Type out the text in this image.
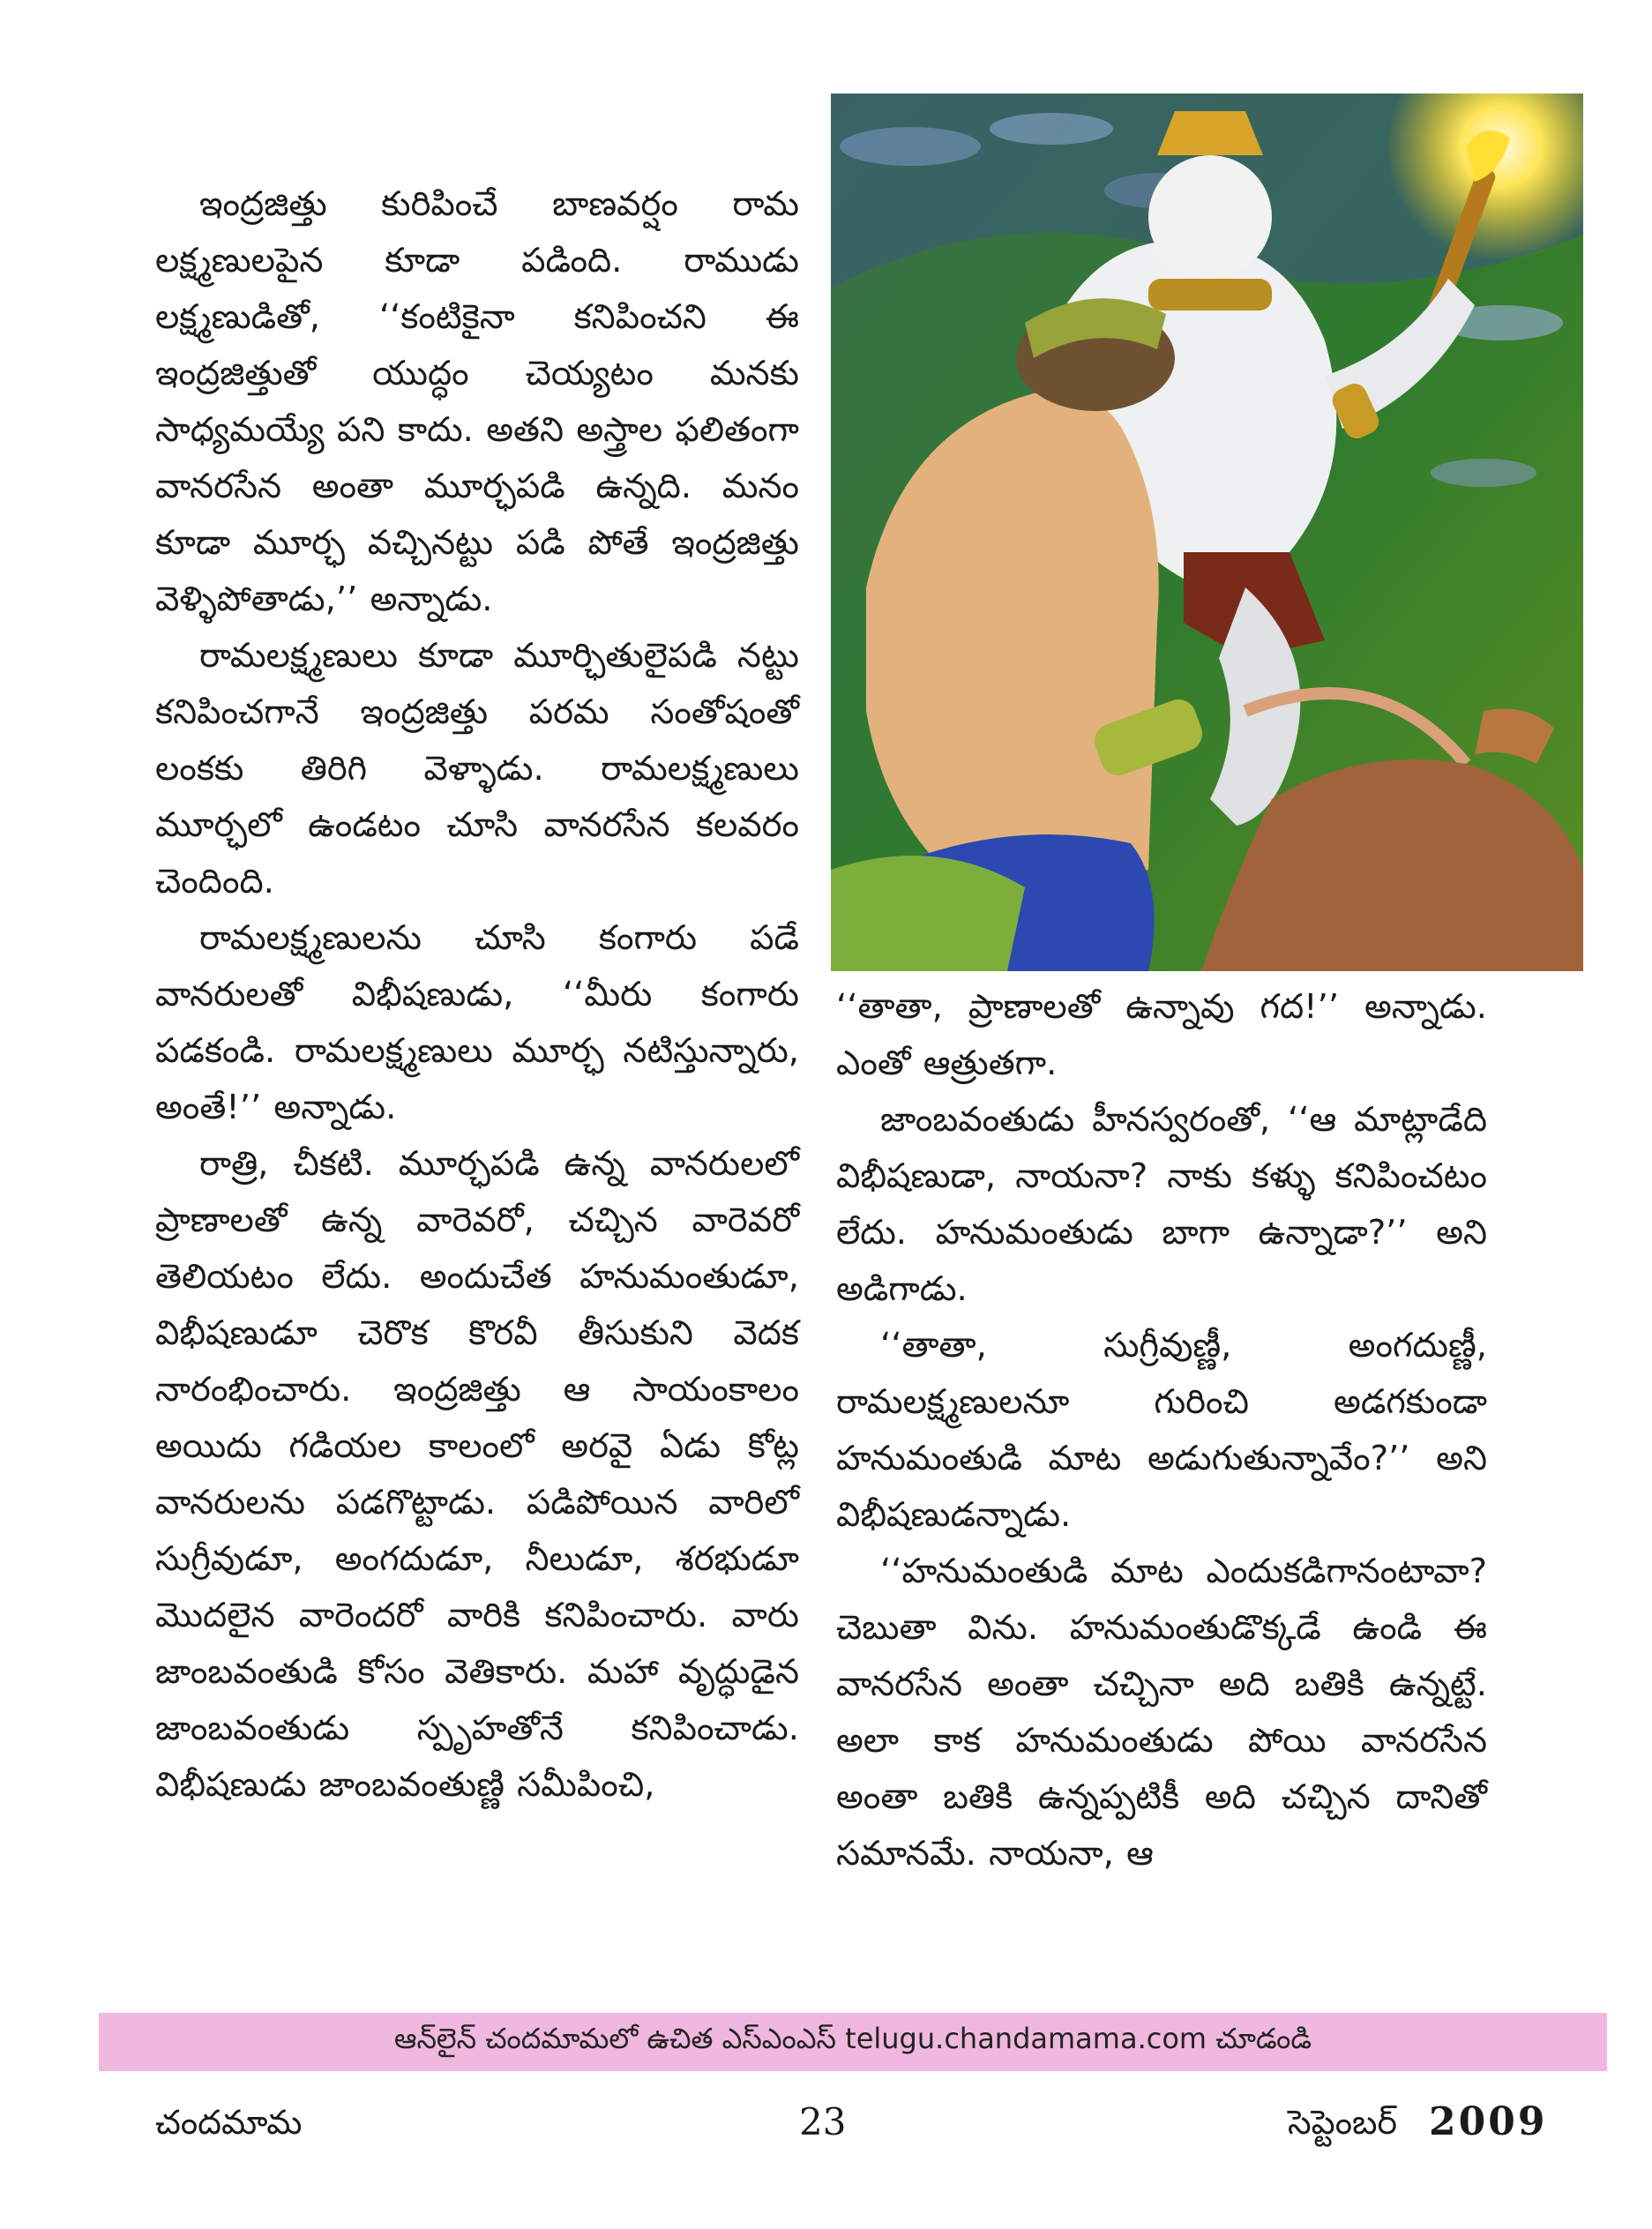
ఇంద్రజిత్తు కురిపించే బాణవర్షం రామ లక్ష్మణులపైన కూడా పడింది. రాముడు లక్ష్మణుడితో, ‘‘కంటికైనా కనిపించని ఈ ఇంద్రజిత్తుతో యుద్ధం చెయ్యటం మనకు సాధ్యమయ్యే పని కాదు. అతని అస్త్రాల ఫలితంగా వానరసేన అంతా మూర్ఛపడి ఉన్నది. మనం కూడా మూర్ఛ వచ్చినట్టు పడి పోతే ఇంద్రజిత్తు వెళ్ళిపోతాడు,’’ అన్నాడు.

రామలక్ష్మణులు కూడా మూర్ఛితులైపడి నట్టు కనిపించగానే ఇంద్రజిత్తు పరమ సంతోషంతో లంకకు తిరిగి వెళ్ళాడు. రామలక్ష్మణులు మూర్ఛలో ఉండటం చూసి వానరసేన కలవరం చెందింది.

రామలక్ష్మణులను చూసి కంగారు పడే వానరులతో విభీషణుడు, ‘‘మీరు కంగారు పడకండి. రామలక్ష్మణులు మూర్ఛ నటిస్తున్నారు, అంతే!’’ అన్నాడు.

రాత్రి, చీకటి. మూర్ఛపడి ఉన్న వానరులలో ప్రాణాలతో ఉన్న వారెవరో, చచ్చిన వారెవరో తెలియటం లేదు. అందుచేత హనుమంతుడూ, విభీషణుడూ చెరొక కొరవీ తీసుకుని వెదక నారంభించారు. ఇంద్రజిత్తు ఆ సాయంకాలం అయిదు గడియల కాలంలో అరవై ఏడు కోట్ల వానరులను పడగొట్టాడు. పడిపోయిన వారిలో సుగ్రీవుడూ, అంగదుడూ, నీలుడూ, శరభుడూ మొదలైన వారెందరో వారికి కనిపించారు. వారు జాంబవంతుడి కోసం వెతికారు. మహా వృద్ధుడైన జాంబవంతుడు స్పృహతోనే కనిపించాడు. విభీషణుడు జాంబవంతుణ్ణి సమీపించి,

‘‘తాతా, ప్రాణాలతో ఉన్నావు గద!’’ అన్నాడు. ఎంతో ఆత్రుతగా.

జాంబవంతుడు హీనస్వరంతో, ‘‘ఆ మాట్లాడేది విభీషణుడా, నాయనా? నాకు కళ్ళు కనిపించటం లేదు. హనుమంతుడు బాగా ఉన్నాడా?’’ అని అడిగాడు.

‘‘తాతా, సుగ్రీవుణ్ణీ, అంగదుణ్ణీ, రామలక్ష్మణులనూ గురించి అడగకుండా హనుమంతుడి మాట అడుగుతున్నావేం?’’ అని విభీషణుడన్నాడు.

‘‘హనుమంతుడి మాట ఎందుకడిగానంటావా? చెబుతా విను. హనుమంతుడొక్కడే ఉండి ఈ వానరసేన అంతా చచ్చినా అది బతికి ఉన్నట్టే. అలా కాక హనుమంతుడు పోయి వానరసేన అంతా బతికి ఉన్నప్పటికీ అది చచ్చిన దానితో సమానమే. నాయనా, ఆ

ఆన్‌లైన్ చందమామలో ఉచిత ఎస్ఎంఎస్ telugu.chandamama.com చూడండి
చందమామ	23	సెప్టెంబర్ 2009
